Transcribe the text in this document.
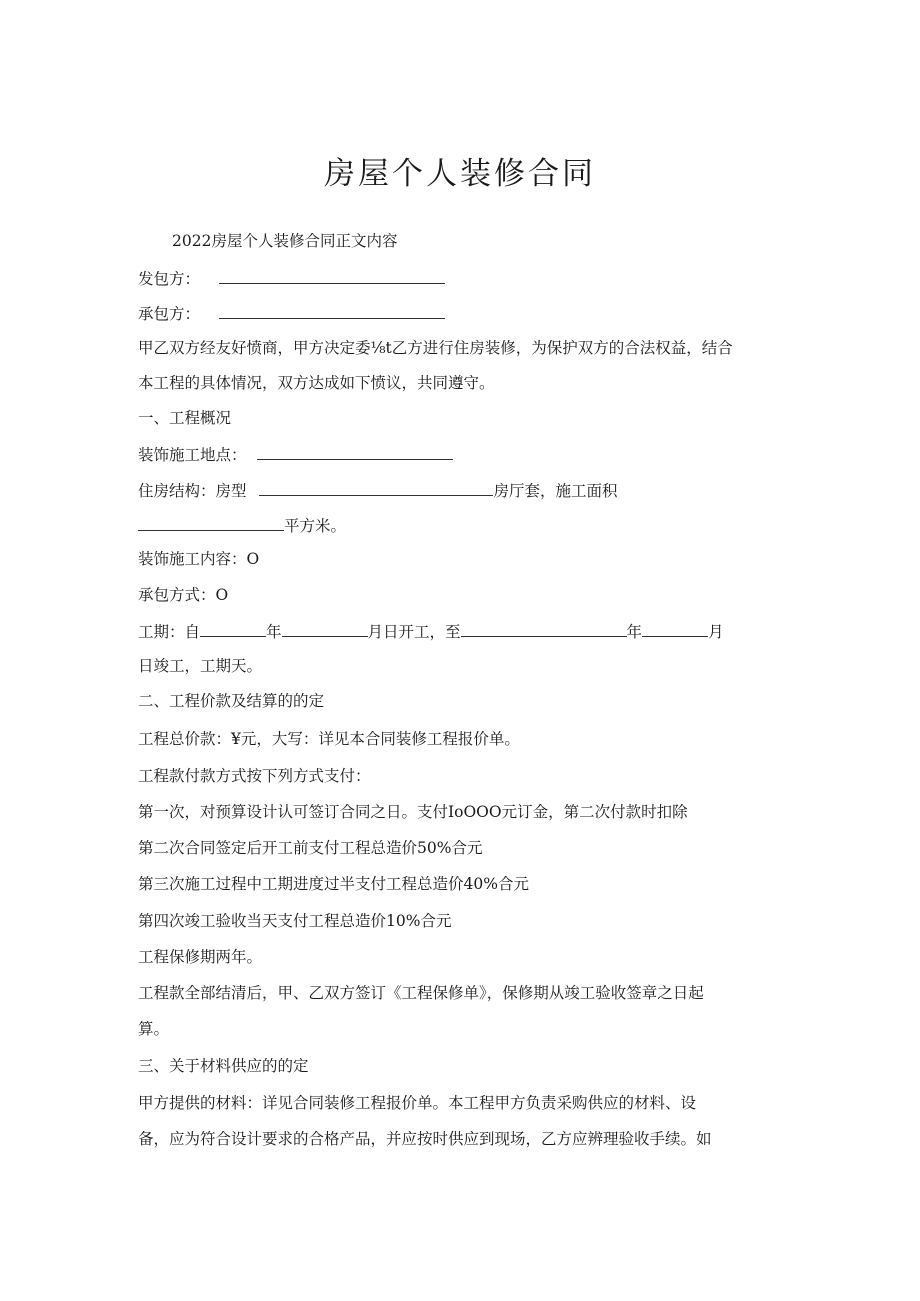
房屋个人装修合同
2022房屋个人装修合同正文内容
发包方：
承包方：
甲乙双方经友好愤商，甲方决定委⅛t乙方进行住房装修，为保护双方的合法权益，结合
本工程的具体情况，双方达成如下愤议，共同遵守。
一、工程概况
装饰施工地点：
住房结构：房型	房厅套，施工面积
平方米。
装饰施工内容：O
承包方式：O
工期：自	年	月日开工，至	年	月
日竣工，工期天。
二、工程价款及结算的的定
工程总价款：¥元，大写：详见本合同装修工程报价单。
工程款付款方式按下列方式支付：
第一次，对预算设计认可签订合同之日。支付IoOOO元订金，第二次付款时扣除
第二次合同签定后开工前支付工程总造价50%合元
第三次施工过程中工期进度过半支付工程总造价40%合元
第四次竣工验收当天支付工程总造价10%合元
工程保修期两年。
工程款全部结清后，甲、乙双方签订《工程保修单》，保修期从竣工验收签章之日起
算。
三、关于材料供应的的定
甲方提供的材料：详见合同装修工程报价单。本工程甲方负责采购供应的材料、设
备，应为符合设计要求的合格产品，并应按时供应到现场，乙方应辨理验收手续。如
